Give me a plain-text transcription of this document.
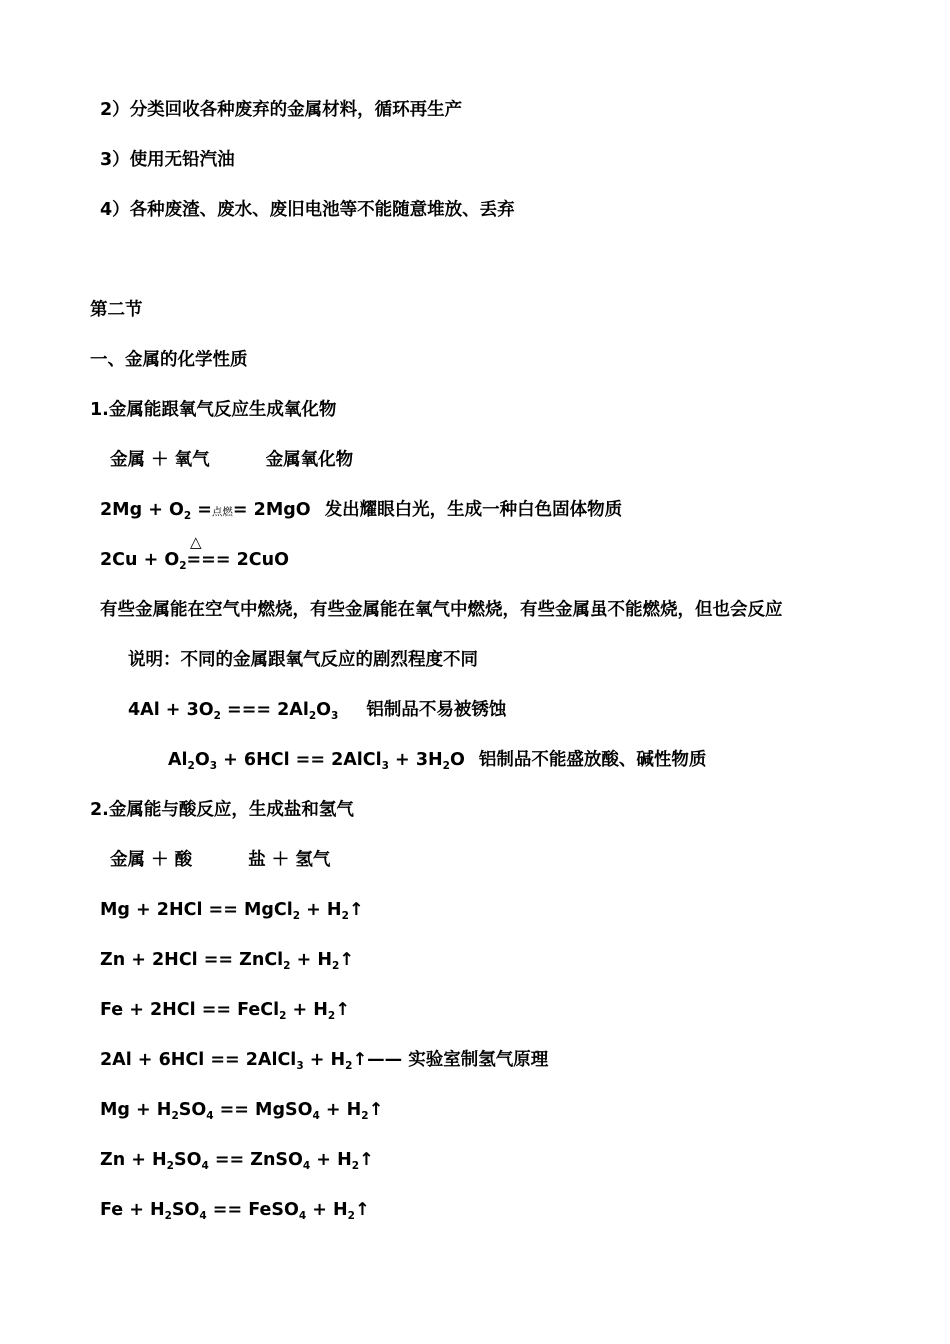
2）分类回收各种废弃的金属材料，循环再生产
3）使用无铅汽油
4）各种废渣、废水、废旧电池等不能随意堆放、丢弃
第二节
一、金属的化学性质
1.金属能跟氧气反应生成氧化物
金属 ＋ 氧气	金属氧化物
$2Mg + O_2$ =点燃= 2MgO 发出耀眼白光，生成一种白色固体物质
$2Cu + O_2$
△
=== 2CuO
有些金属能在空气中燃烧，有些金属能在氧气中燃烧，有些金属虽不能燃烧，但也会反应
说明：不同的金属跟氧气反应的剧烈程度不同
$4Al + 3O_2$ === $2Al_2O_3$ 铝制品不易被锈蚀
$Al_2O_3 + 6HCl$ == 2AlCl$_3$ + $3H_2O$ 铝制品不能盛放酸、碱性物质
2.金属能与酸反应，生成盐和氢气
金属 ＋ 酸	盐 ＋ 氢气
Mg + 2HCl == MgCl$_2$ + $H_2↑$
Zn + 2HCl == ZnCl$_2$ + $H_2↑$
Fe + 2HCl == FeCl$_2$ + $H_2↑$
2Al + 6HCl == 2AlCl$_3$ + $H_2↑——$ 实验室制氢气原理
$Mg + H_2SO_4$ == MgSO$_4$ + $H_2↑$
$Zn + H_2SO_4$ == ZnSO$_4$ + $H_2↑$
$Fe + H_2SO_4$ == FeSO$_4$ + $H_2↑$
